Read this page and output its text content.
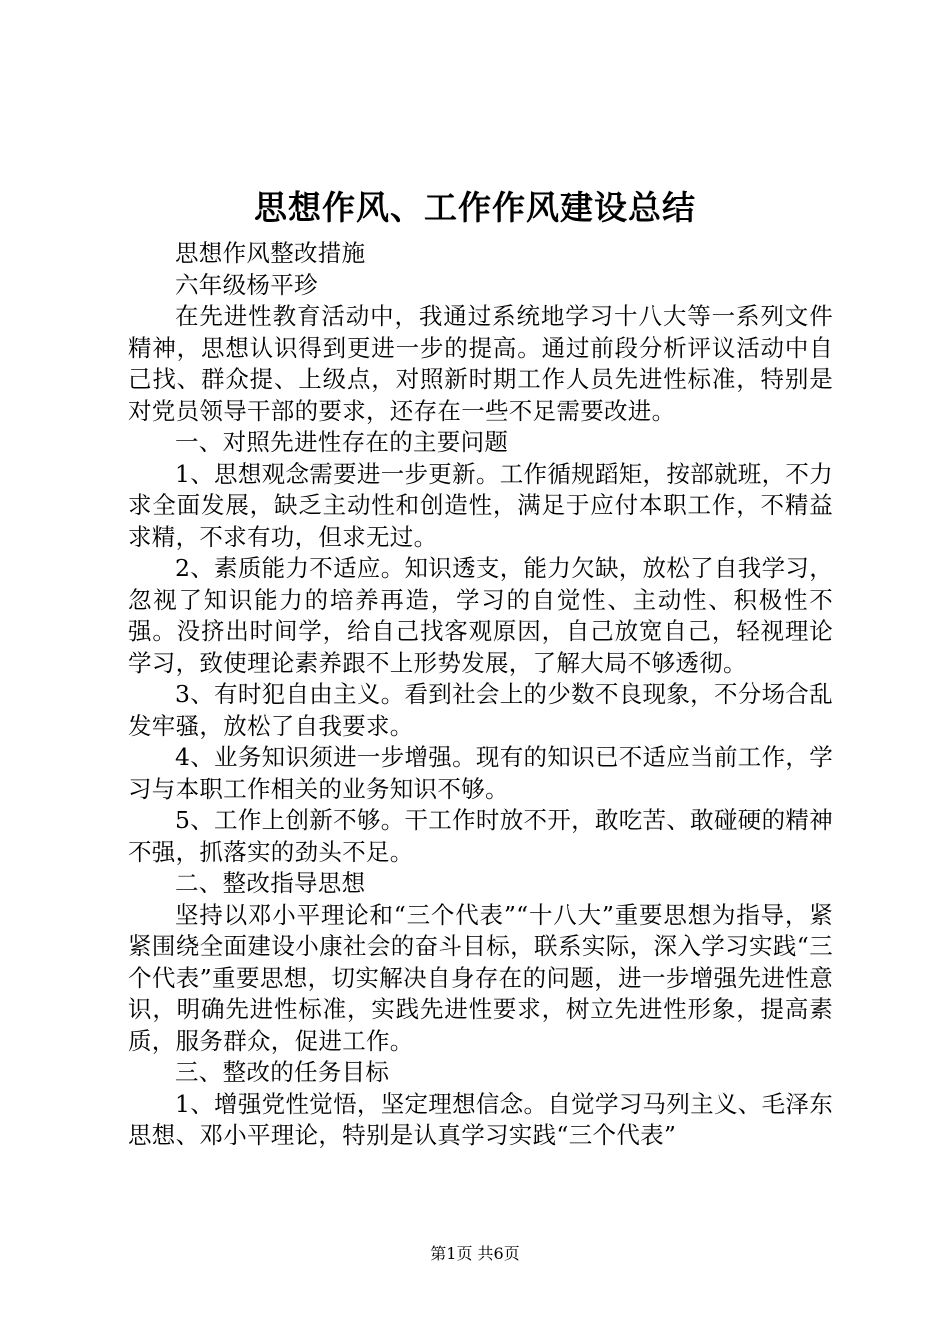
思想作风、工作作风建设总结

思想作风整改措施

六年级杨平珍

在先进性教育活动中，我通过系统地学习十八大等一系列文件精神，思想认识得到更进一步的提高。通过前段分析评议活动中自己找、群众提、上级点，对照新时期工作人员先进性标准，特别是对党员领导干部的要求，还存在一些不足需要改进。

一、对照先进性存在的主要问题

1、思想观念需要进一步更新。工作循规蹈矩，按部就班，不力求全面发展，缺乏主动性和创造性，满足于应付本职工作，不精益求精，不求有功，但求无过。

2、素质能力不适应。知识透支，能力欠缺，放松了自我学习，忽视了知识能力的培养再造，学习的自觉性、主动性、积极性不强。没挤出时间学，给自己找客观原因，自己放宽自己，轻视理论学习，致使理论素养跟不上形势发展，了解大局不够透彻。

3、有时犯自由主义。看到社会上的少数不良现象，不分场合乱发牢骚，放松了自我要求。

4、业务知识须进一步增强。现有的知识已不适应当前工作，学习与本职工作相关的业务知识不够。

5、工作上创新不够。干工作时放不开，敢吃苦、敢碰硬的精神不强，抓落实的劲头不足。

二、整改指导思想

坚持以邓小平理论和“三个代表”“十八大”重要思想为指导，紧紧围绕全面建设小康社会的奋斗目标，联系实际，深入学习实践“三个代表”重要思想，切实解决自身存在的问题，进一步增强先进性意识，明确先进性标准，实践先进性要求，树立先进性形象，提高素质，服务群众，促进工作。

三、整改的任务目标

1、增强党性觉悟，坚定理想信念。自觉学习马列主义、毛泽东思想、邓小平理论，特别是认真学习实践“三个代表”

第1页 共6页
